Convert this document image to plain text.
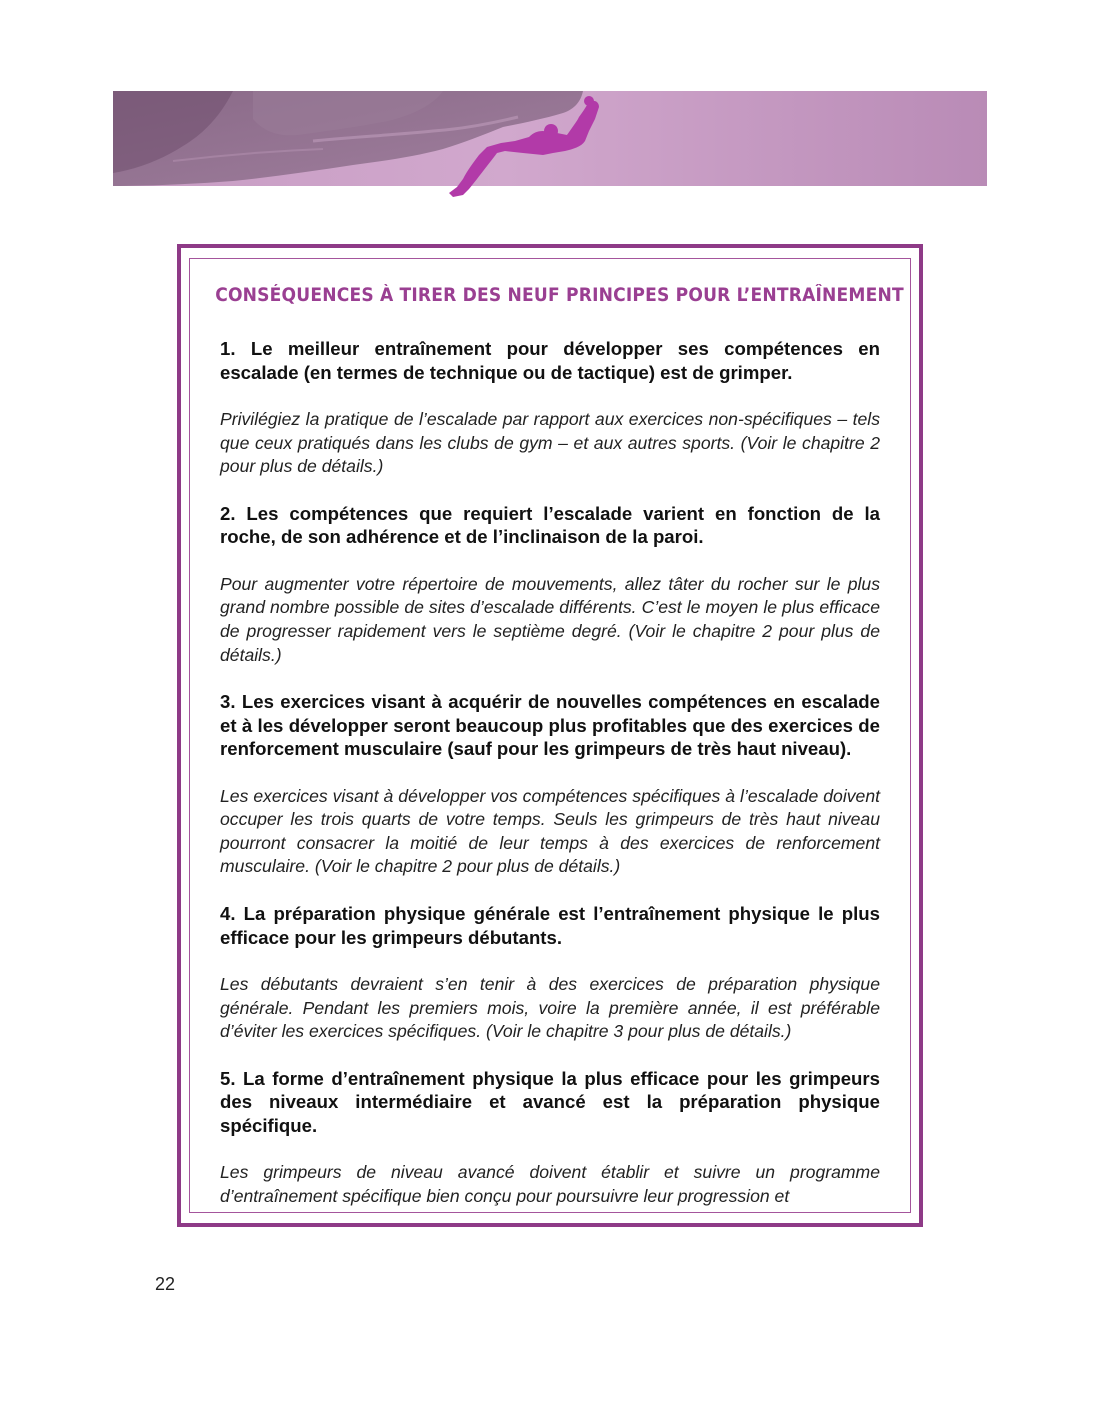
CONSÉQUENCES À TIRER DES NEUF PRINCIPES POUR L’ENTRAÎNEMENT

1. Le meilleur entraînement pour développer ses compétences en escalade (en termes de technique ou de tactique) est de grimper.

Privilégiez la pratique de l’escalade par rapport aux exercices non-spécifiques – tels que ceux pratiqués dans les clubs de gym – et aux autres sports. (Voir le chapitre 2 pour plus de détails.)

2. Les compétences que requiert l’escalade varient en fonction de la roche, de son adhérence et de l’inclinaison de la paroi.

Pour augmenter votre répertoire de mouvements, allez tâter du rocher sur le plus grand nombre possible de sites d’escalade différents. C’est le moyen le plus efficace de progresser rapidement vers le septième degré. (Voir le chapitre 2 pour plus de détails.)

3. Les exercices visant à acquérir de nouvelles compétences en escalade et à les développer seront beaucoup plus profitables que des exercices de renforcement musculaire (sauf pour les grimpeurs de très haut niveau).

Les exercices visant à développer vos compétences spécifiques à l’escalade doivent occuper les trois quarts de votre temps. Seuls les grimpeurs de très haut niveau pourront consacrer la moitié de leur temps à des exercices de renforcement musculaire. (Voir le chapitre 2 pour plus de détails.)

4. La préparation physique générale est l’entraînement physique le plus efficace pour les grimpeurs débutants.

Les débutants devraient s’en tenir à des exercices de préparation physique générale. Pendant les premiers mois, voire la première année, il est préférable d’éviter les exercices spécifiques. (Voir le chapitre 3 pour plus de détails.)

5. La forme d’entraînement physique la plus efficace pour les grimpeurs des niveaux intermédiaire et avancé est la préparation physique spécifique.

Les grimpeurs de niveau avancé doivent établir et suivre un programme d’entraînement spécifique bien conçu pour poursuivre leur progression et

22
